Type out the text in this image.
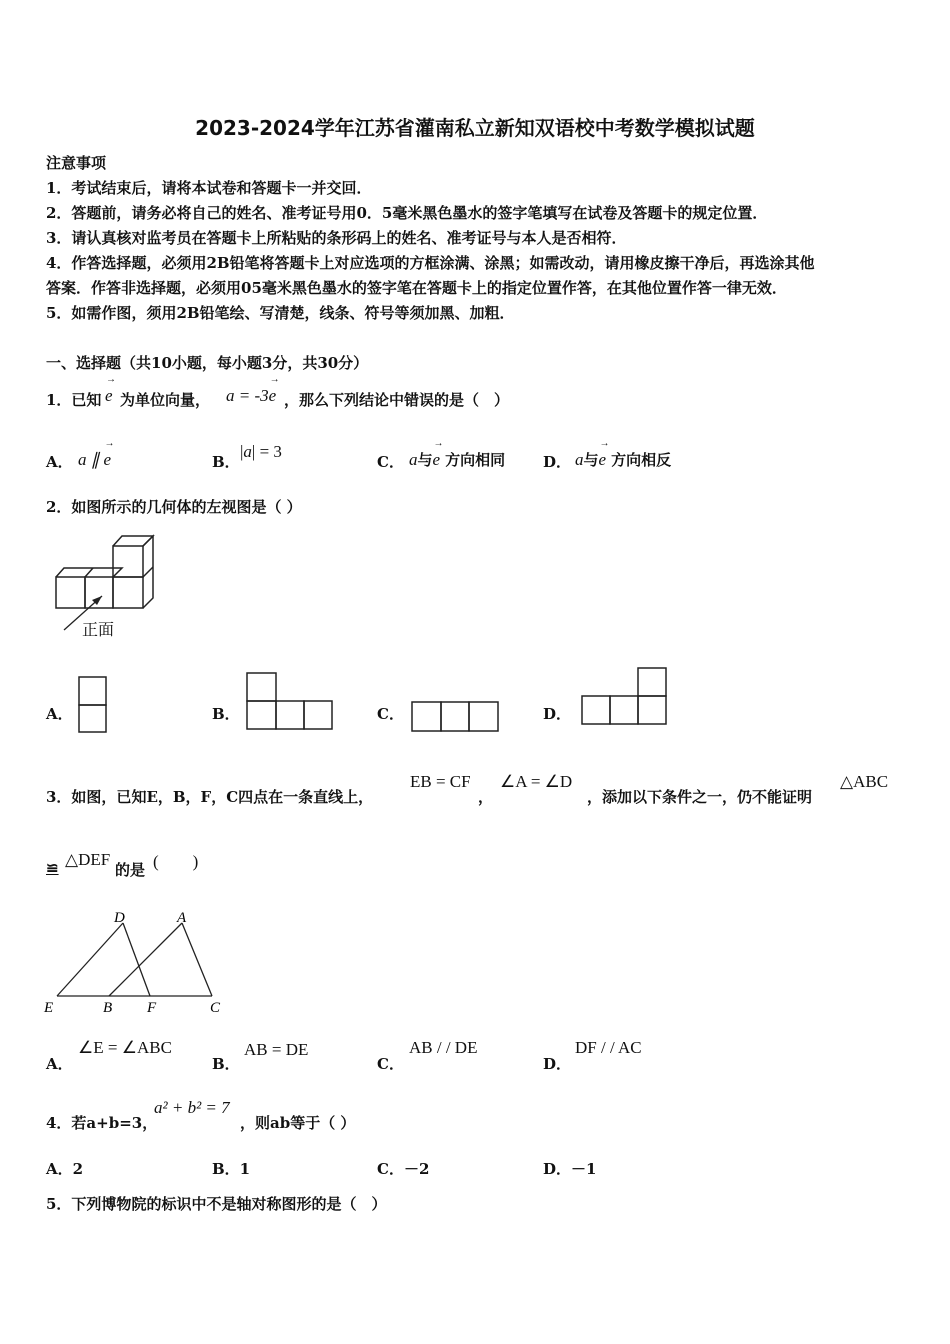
2023-2024学年江苏省灌南私立新知双语校中考数学模拟试题
注意事项
1．考试结束后，请将本试卷和答题卡一并交回．
2．答题前，请务必将自己的姓名、准考证号用0．5毫米黑色墨水的签字笔填写在试卷及答题卡的规定位置．
3．请认真核对监考员在答题卡上所粘贴的条形码上的姓名、准考证号与本人是否相符．
4．作答选择题，必须用2B铅笔将答题卡上对应选项的方框涂满、涂黑；如需改动，请用橡皮擦干净后，再选涂其他
答案．作答非选择题，必须用05毫米黑色墨水的签字笔在答题卡上的指定位置作答，在其他位置作答一律无效．
5．如需作图，须用2B铅笔绘、写清楚，线条、符号等须加黑、加粗．
一、选择题（共10小题，每小题3分，共30分）
1．已知 e
→
为单位向量， a = -3e
→
，那么下列结论中错误的是（　）
A． a ∥ e
→
B．
|a| = 3
C． a与e
→
方向相同	D． a与e
→
方向相反
2．如图所示的几何体的左视图是（ ）
正面
A．	B．	C．	D．
3．如图，已知E，B，F，C四点在一条直线上，
EB = CF
，
∠A = ∠D
，添加以下条件之一，仍不能证明
△ABC
≌ △DEF
的是 (　　)
D	A
E	B F	C
A．
∠E = ∠ABC
B．
AB = DE
C．
AB / / DE
D．
DF / / AC
4．若a+b=3，
a² + b² = 7
，则ab等于（ ）
A．2	B．1	C．－2	D．－1
5．下列博物院的标识中不是轴对称图形的是（　）
